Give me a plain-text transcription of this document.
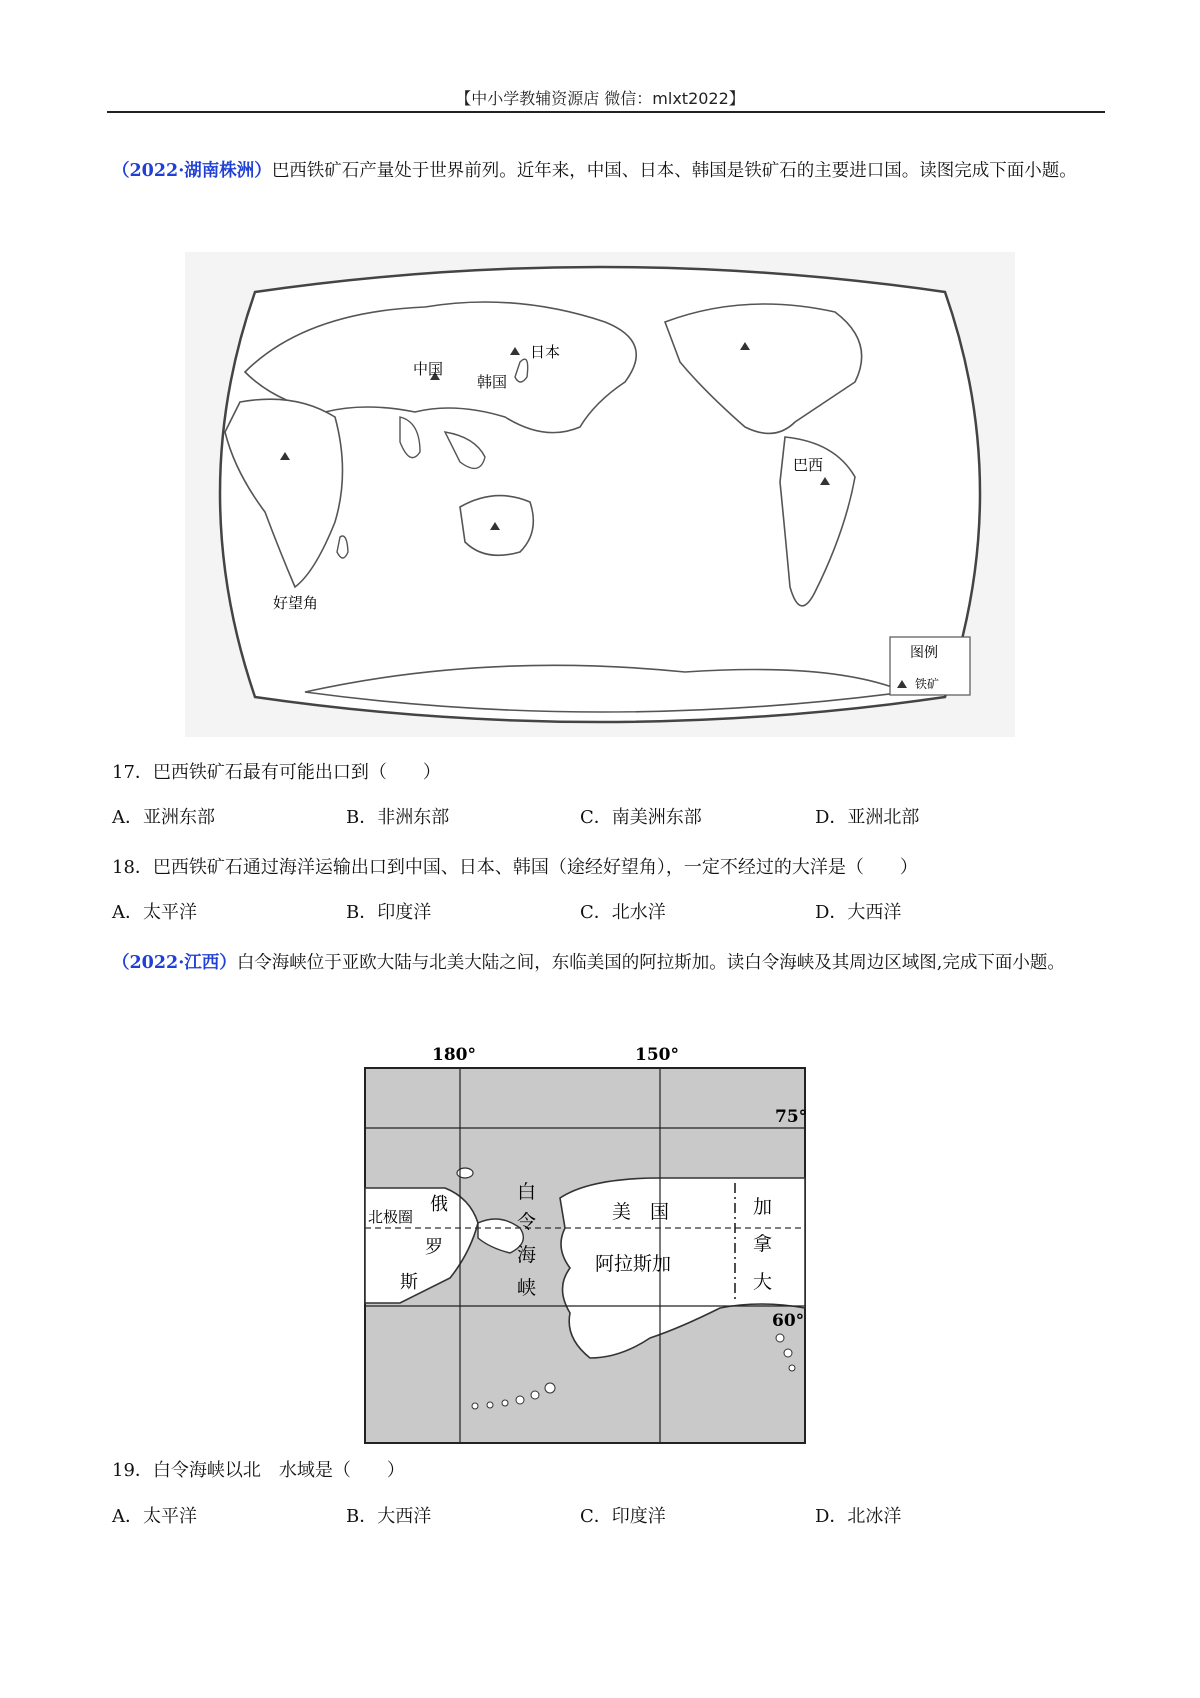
【中小学教辅资源店 微信：mlxt2022】
（2022·湖南株洲）巴西铁矿石产量处于世界前列。近年来，中国、日本、韩国是铁矿石的主要进口国。读图完成下面小题。
中国
日本
韩国
巴西
好望角
图例
铁矿
17．巴西铁矿石最有可能出口到（　　）
A．亚洲东部	B．非洲东部	C．南美洲东部	D．亚洲北部
18．巴西铁矿石通过海洋运输出口到中国、日本、韩国（途经好望角），一定不经过的大洋是（　　）
A．太平洋	B．印度洋	C．北水洋	D．大西洋
（2022·江西）白令海峡位于亚欧大陆与北美大陆之间，东临美国的阿拉斯加。读白令海峡及其周边区域图,完成下面小题。
180°	150°
75°
60°
北极圈
俄
罗
斯
白
令
海
峡
美　国
阿拉斯加
加
拿
大
19．白令海峡以北　水域是（　　）
A．太平洋	B．大西洋	C．印度洋	D．北冰洋
